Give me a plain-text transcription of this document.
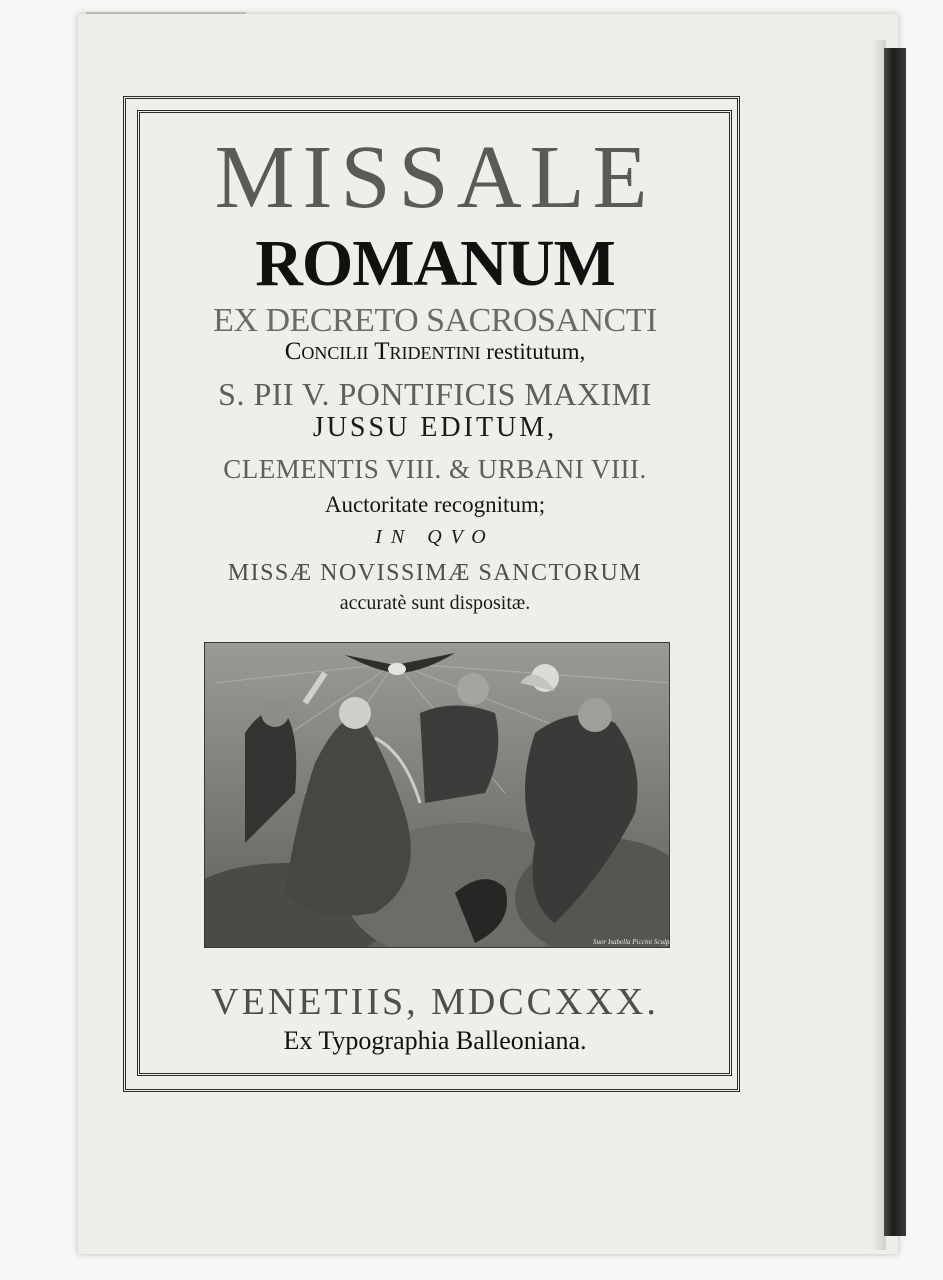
MISSALE
ROMANUM
EX DECRETO SACROSANCTI
Concilii Tridentini restitutum,
S. PII V. PONTIFICIS MAXIMI
JUSSU EDITUM,
CLEMENTIS VIII. & URBANI VIII.
Auctoritate recognitum;
IN QVO
MISSÆ NOVISSIMÆ SANCTORUM
accuratè sunt dispositæ.
Suor Isabella Piccini Sculps
VENETIIS, MDCCXXX.
Ex Typographia Balleoniana.
